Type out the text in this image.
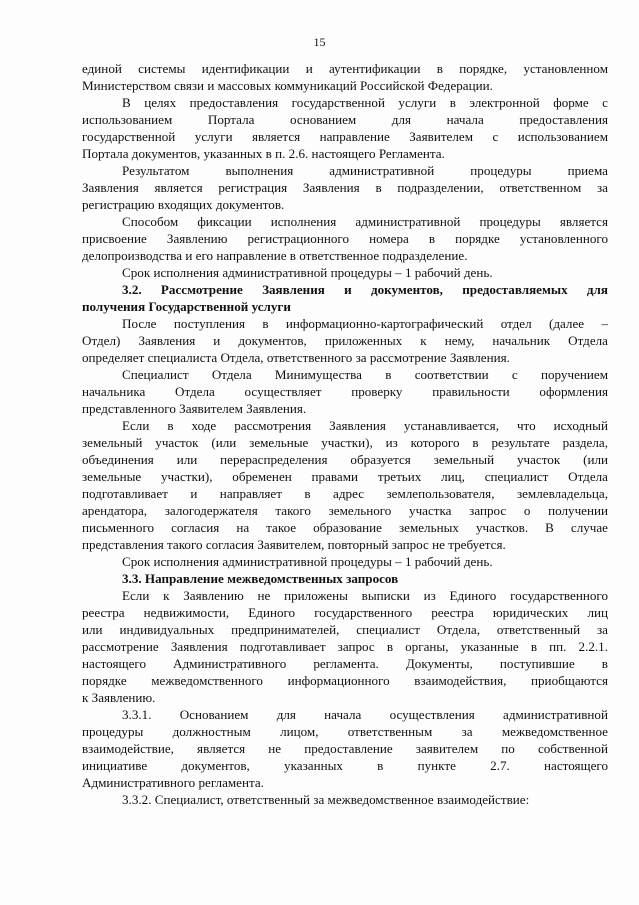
15
единой системы идентификации и аутентификации в порядке, установленном
Министерством связи и массовых коммуникаций Российской Федерации.
В целях предоставления государственной услуги в электронной форме с
использованием Портала основанием для начала предоставления
государственной услуги является направление Заявителем с использованием
Портала документов, указанных в п. 2.6. настоящего Регламента.
Результатом выполнения административной процедуры приема
Заявления является регистрация Заявления в подразделении, ответственном за
регистрацию входящих документов.
Способом фиксации исполнения административной процедуры является
присвоение Заявлению регистрационного номера в порядке установленного
делопроизводства и его направление в ответственное подразделение.
Срок исполнения административной процедуры – 1 рабочий день.
3.2. Рассмотрение Заявления и документов, предоставляемых для
получения Государственной услуги
После поступления в информационно-картографический отдел (далее –
Отдел) Заявления и документов, приложенных к нему, начальник Отдела
определяет специалиста Отдела, ответственного за рассмотрение Заявления.
Специалист Отдела Минимущества в соответствии с поручением
начальника Отдела осуществляет проверку правильности оформления
представленного Заявителем Заявления.
Если в ходе рассмотрения Заявления устанавливается, что исходный
земельный участок (или земельные участки), из которого в результате раздела,
объединения или перераспределения образуется земельный участок (или
земельные участки), обременен правами третьих лиц, специалист Отдела
подготавливает и направляет в адрес землепользователя, землевладельца,
арендатора, залогодержателя такого земельного участка запрос о получении
письменного согласия на такое образование земельных участков. В случае
представления такого согласия Заявителем, повторный запрос не требуется.
Срок исполнения административной процедуры – 1 рабочий день.
3.3. Направление межведомственных запросов
Если к Заявлению не приложены выписки из Единого государственного
реестра недвижимости, Единого государственного реестра юридических лиц
или индивидуальных предпринимателей, специалист Отдела, ответственный за
рассмотрение Заявления подготавливает запрос в органы, указанные в пп. 2.2.1.
настоящего Административного регламента. Документы, поступившие в
порядке межведомственного информационного взаимодействия, приобщаются
к Заявлению.
3.3.1. Основанием для начала осуществления административной
процедуры должностным лицом, ответственным за межведомственное
взаимодействие, является не предоставление заявителем по собственной
инициативе документов, указанных в пункте 2.7. настоящего
Административного регламента.
3.3.2. Специалист, ответственный за межведомственное взаимодействие:
